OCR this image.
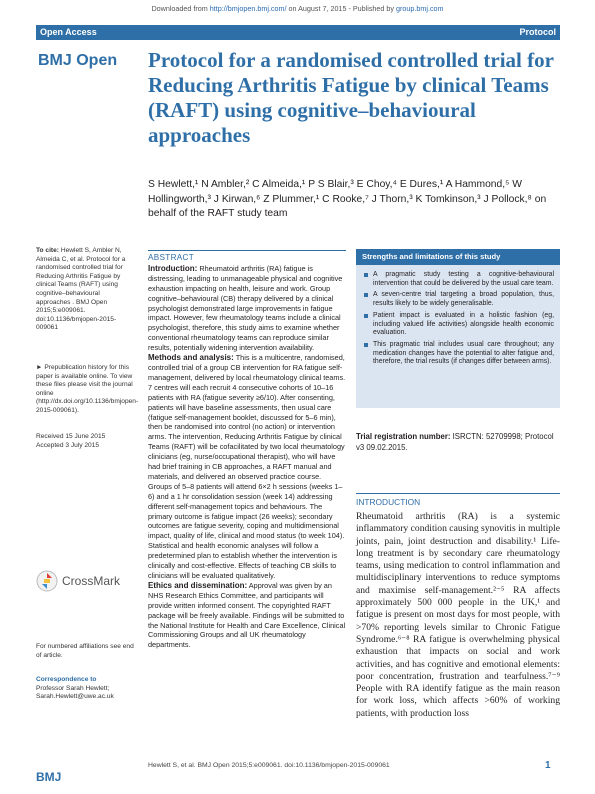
Downloaded from http://bmjopen.bmj.com/ on August 7, 2015 - Published by group.bmj.com
Open Access	Protocol
BMJ Open Protocol for a randomised controlled trial for Reducing Arthritis Fatigue by clinical Teams (RAFT) using cognitive–behavioural approaches
S Hewlett,¹ N Ambler,² C Almeida,¹ P S Blair,³ E Choy,⁴ E Dures,¹ A Hammond,⁵ W Hollingworth,³ J Kirwan,⁶ Z Plummer,¹ C Rooke,⁷ J Thorn,³ K Tomkinson,³ J Pollock,⁸ on behalf of the RAFT study team
To cite: Hewlett S, Ambler N, Almeida C, et al. Protocol for a randomised controlled trial for Reducing Arthritis Fatigue by clinical Teams (RAFT) using cognitive–behavioural approaches . BMJ Open 2015;5:e009061. doi:10.1136/bmjopen-2015-009061
► Prepublication history for this paper is available online. To view these files please visit the journal online (http://dx.doi.org/10.1136/bmjopen-2015-009061).
Received 15 June 2015
Accepted 3 July 2015
CrossMark
For numbered affiliations see end of article.
Correspondence to
Professor Sarah Hewlett;
Sarah.Hewlett@uwe.ac.uk
ABSTRACT

Introduction: Rheumatoid arthritis (RA) fatigue is distressing, leading to unmanageable physical and cognitive exhaustion impacting on health, leisure and work. Group cognitive–behavioural (CB) therapy delivered by a clinical psychologist demonstrated large improvements in fatigue impact. However, few rheumatology teams include a clinical psychologist, therefore, this study aims to examine whether conventional rheumatology teams can reproduce similar results, potentially widening intervention availability.

Methods and analysis: This is a multicentre, randomised, controlled trial of a group CB intervention for RA fatigue self-management, delivered by local rheumatology clinical teams. 7 centres will each recruit 4 consecutive cohorts of 10–16 patients with RA (fatigue severity ≥6/10). After consenting, patients will have baseline assessments, then usual care (fatigue self-management booklet, discussed for 5–6 min), then be randomised into control (no action) or intervention arms. The intervention, Reducing Arthritis Fatigue by clinical Teams (RAFT) will be cofacilitated by two local rheumatology clinicians (eg, nurse/occupational therapist), who will have had brief training in CB approaches, a RAFT manual and materials, and delivered an observed practice course. Groups of 5–8 patients will attend 6×2 h sessions (weeks 1–6) and a 1 hr consolidation session (week 14) addressing different self-management topics and behaviours. The primary outcome is fatigue impact (26 weeks); secondary outcomes are fatigue severity, coping and multidimensional impact, quality of life, clinical and mood status (to week 104). Statistical and health economic analyses will follow a predetermined plan to establish whether the intervention is clinically and cost-effective. Effects of teaching CB skills to clinicians will be evaluated qualitatively.

Ethics and dissemination: Approval was given by an NHS Research Ethics Committee, and participants will provide written informed consent. The copyrighted RAFT package will be freely available. Findings will be submitted to the National Institute for Health and Care Excellence, Clinical Commissioning Groups and all UK rheumatology departments.

Strengths and limitations of this study
A pragmatic study testing a cognitive-behavioural intervention that could be delivered by the usual care team.
A seven-centre trial targeting a broad population, thus, results likely to be widely generalisable.
Patient impact is evaluated in a holistic fashion (eg, including valued life activities) alongside health economic evaluation.
This pragmatic trial includes usual care throughout; any medication changes have the potential to alter fatigue and, therefore, the trial results (if changes differ between arms).
Trial registration number: ISRCTN: 52709998; Protocol v3 09.02.2015.
INTRODUCTION

Rheumatoid arthritis (RA) is a systemic inflammatory condition causing synovitis in multiple joints, pain, joint destruction and disability.¹ Life-long treatment is by secondary care rheumatology teams, using medication to control inflammation and multidisciplinary interventions to reduce symptoms and maximise self-management.²⁻⁵ RA affects approximately 500 000 people in the UK,¹ and fatigue is present on most days for most people, with >70% reporting levels similar to Chronic Fatigue Syndrome.⁶⁻⁸ RA fatigue is overwhelming physical exhaustion that impacts on social and work activities, and has cognitive and emotional elements: poor concentration, frustration and tearfulness.⁷⁻⁹ People with RA identify fatigue as the main reason for work loss, which affects >60% of working patients, with production loss

BMJ
Hewlett S, et al. BMJ Open 2015;5:e009061. doi:10.1136/bmjopen-2015-009061	1
